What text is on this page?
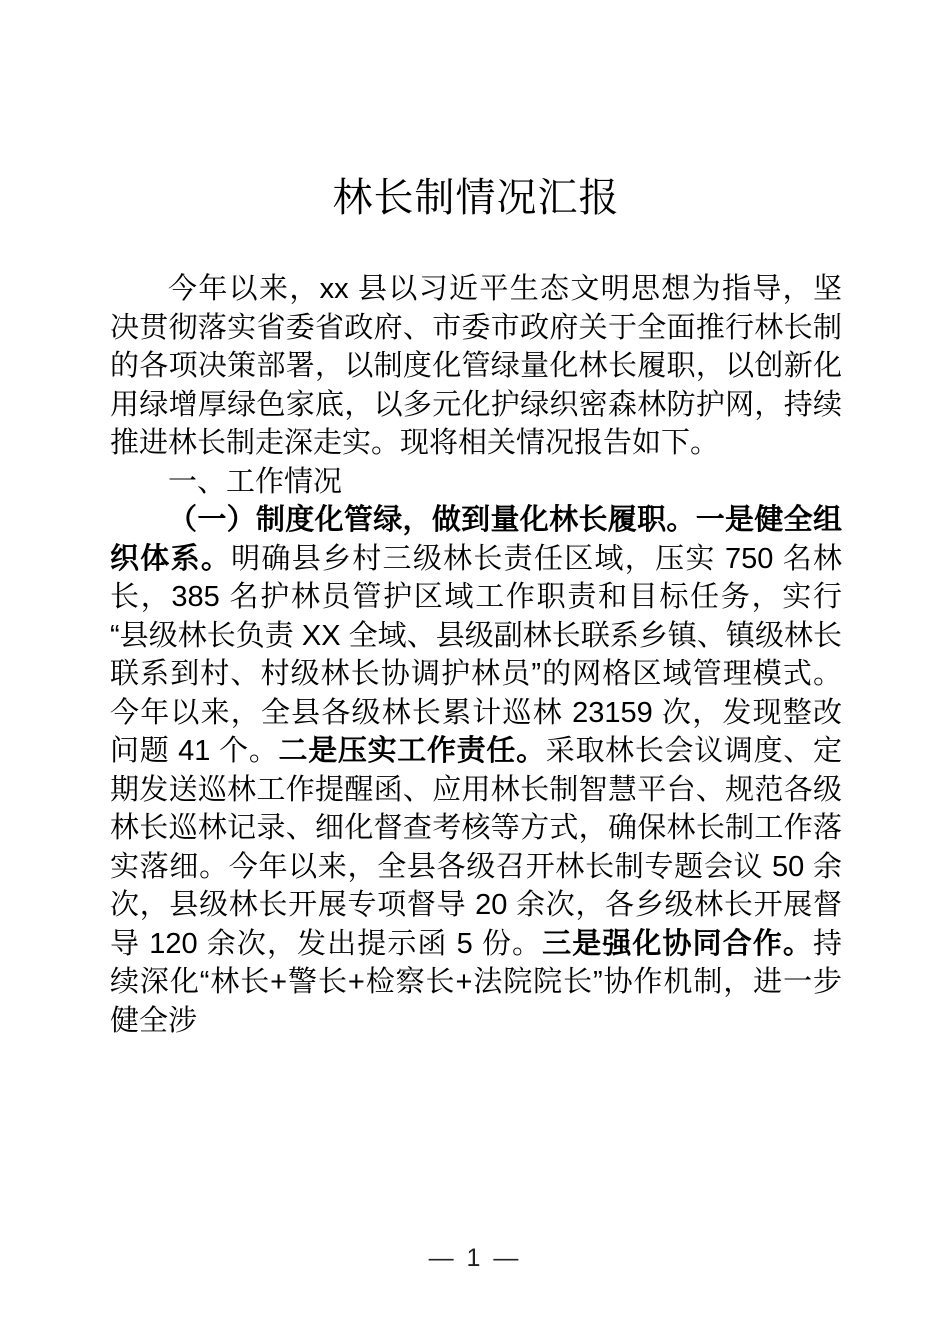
林长制情况汇报

今年以来，xx 县以习近平生态文明思想为指导，坚决贯彻落实省委省政府、市委市政府关于全面推行林长制的各项决策部署，以制度化管绿量化林长履职，以创新化用绿增厚绿色家底，以多元化护绿织密森林防护网，持续推进林长制走深走实。现将相关情况报告如下。

一、工作情况

（一）制度化管绿，做到量化林长履职。一是健全组织体系。明确县乡村三级林长责任区域，压实 750 名林长，385 名护林员管护区域工作职责和目标任务，实行“县级林长负责 XX 全域、县级副林长联系乡镇、镇级林长联系到村、村级林长协调护林员”的网格区域管理模式。今年以来，全县各级林长累计巡林 23159 次，发现整改问题 41 个。二是压实工作责任。采取林长会议调度、定期发送巡林工作提醒函、应用林长制智慧平台、规范各级林长巡林记录、细化督查考核等方式，确保林长制工作落实落细。今年以来，全县各级召开林长制专题会议 50 余次，县级林长开展专项督导 20 余次，各乡级林长开展督导 120 余次，发出提示函 5 份。三是强化协同合作。持续深化“林长+警长+检察长+法院院长”协作机制，进一步健全涉

— 1 —
